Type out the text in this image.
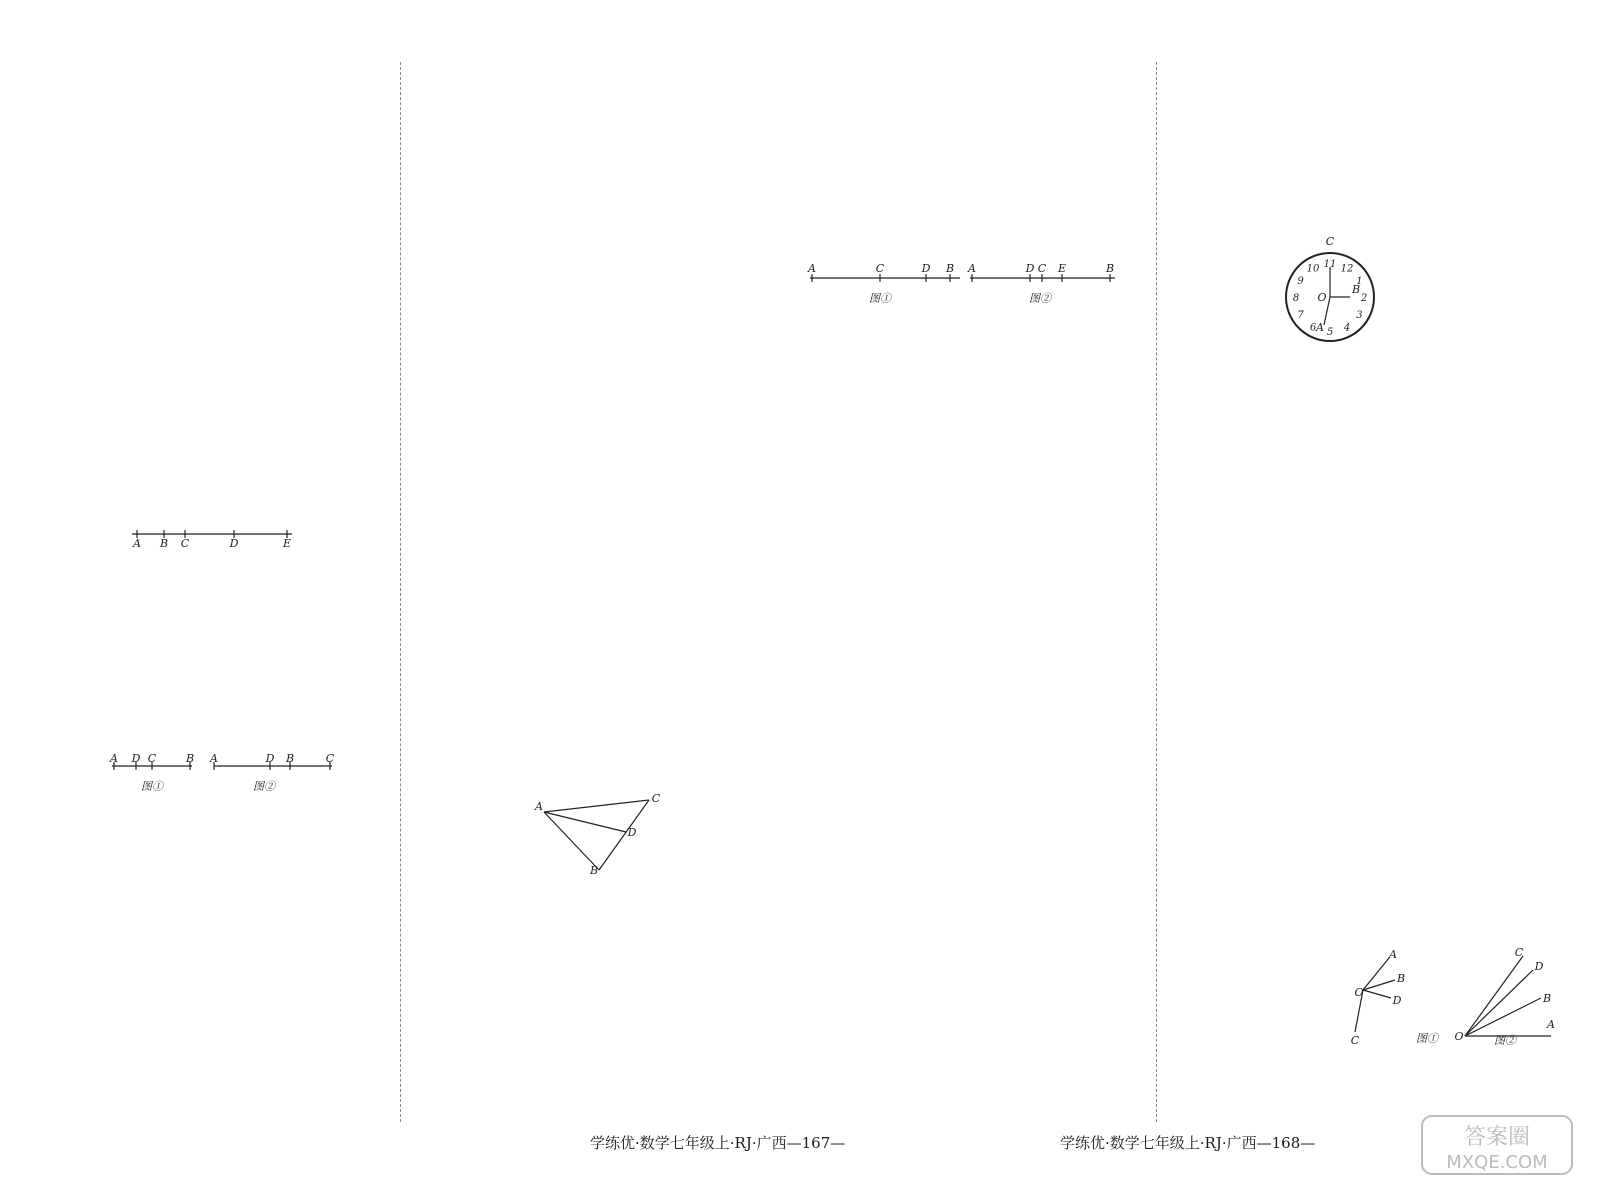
A B C	D	E
A D C	B A	D B	C
图①	图②
A
C
D
B
A	C	D B A	D C E	B
图①	图②
C
12
1
2
3
4
5
6
7
8
9
10 11
O
B
A
学练优·数学七年级上·RJ·广西—167—	学练优·数学七年级上·RJ·广西—168—	答案圈
MXQE.COM
A
B
D
C
O
图①
C
D
B
A
O	图②
